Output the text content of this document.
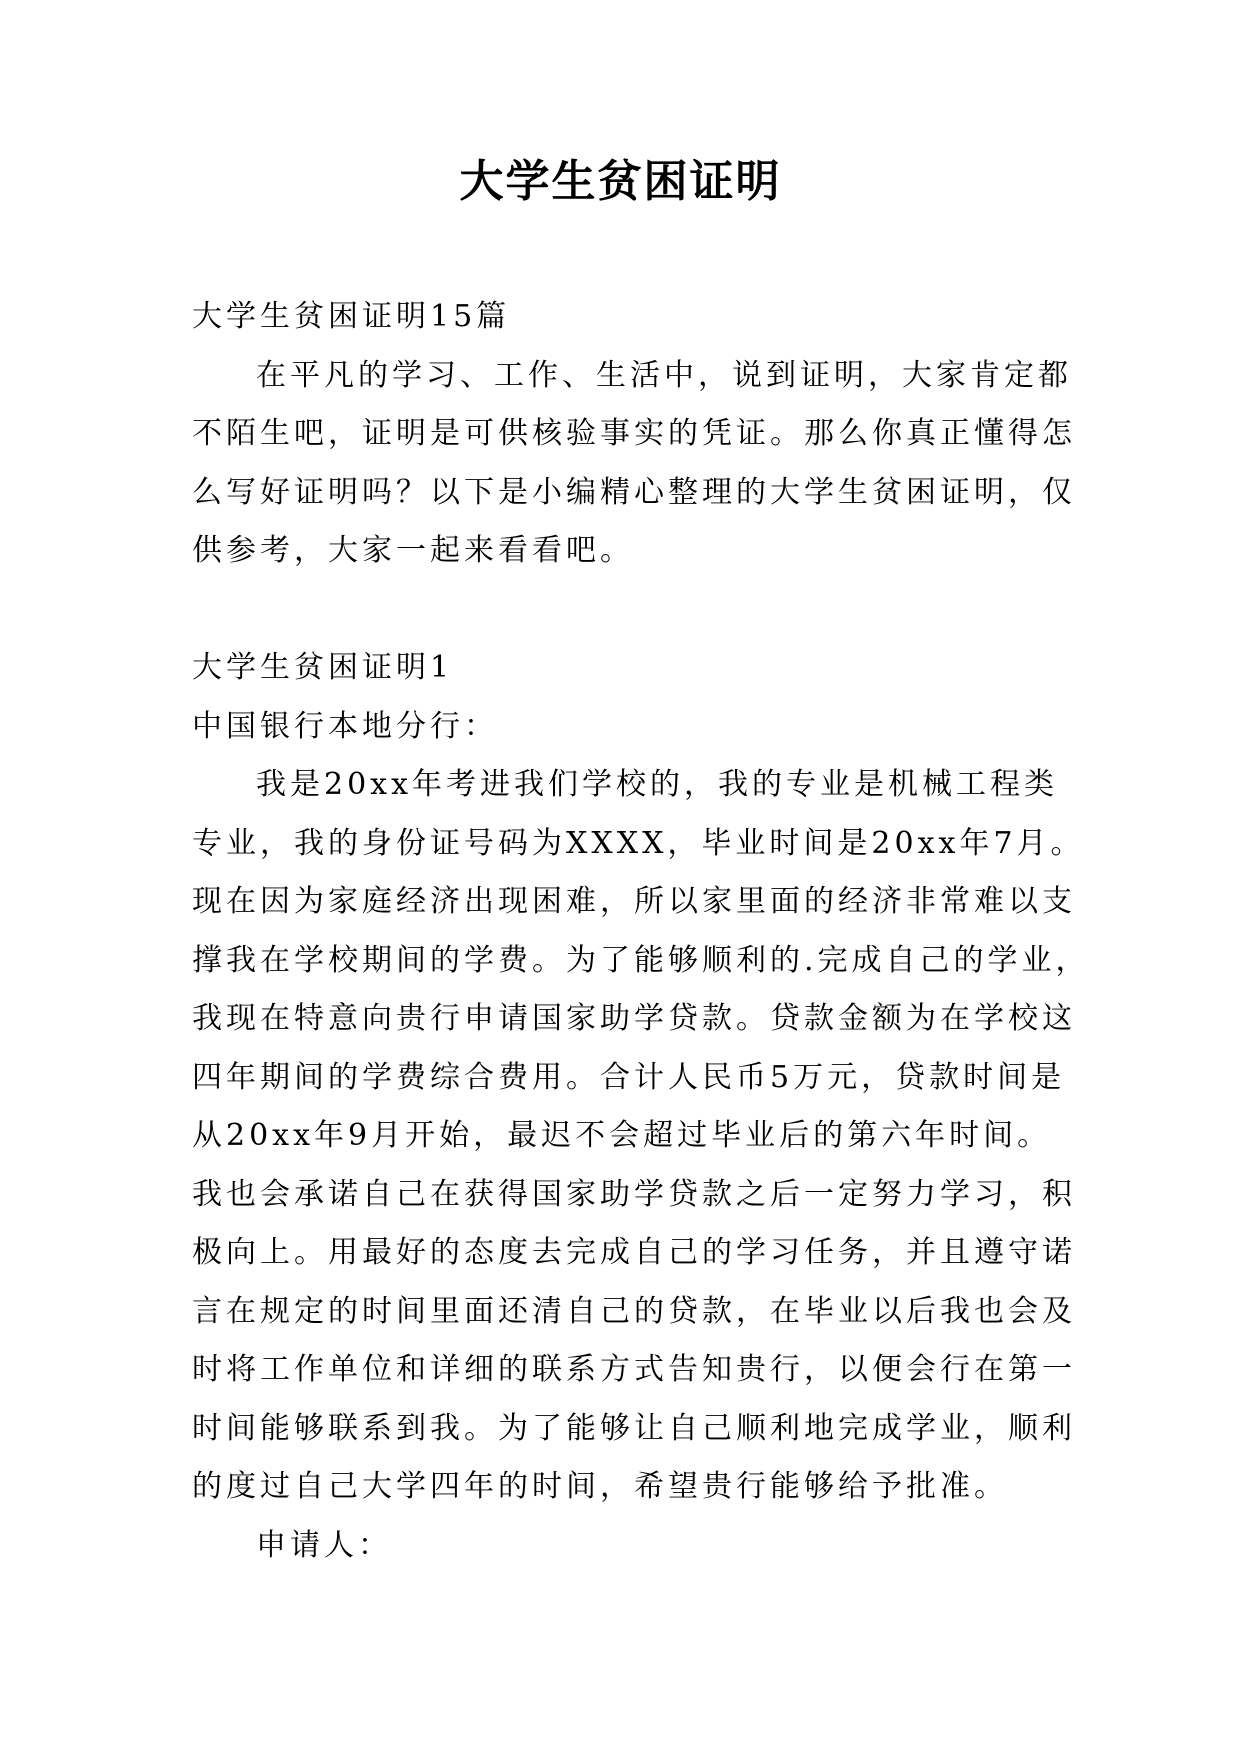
大学生贫困证明
大学生贫困证明15篇
在平凡的学习、工作、生活中，说到证明，大家肯定都
不陌生吧，证明是可供核验事实的凭证。那么你真正懂得怎
么写好证明吗？以下是小编精心整理的大学生贫困证明，仅
供参考，大家一起来看看吧。
大学生贫困证明1
中国银行本地分行：
我是20xx年考进我们学校的，我的专业是机械工程类
专业，我的身份证号码为XXXX，毕业时间是20xx年7月。
现在因为家庭经济出现困难，所以家里面的经济非常难以支
撑我在学校期间的学费。为了能够顺利的.完成自己的学业，
我现在特意向贵行申请国家助学贷款。贷款金额为在学校这
四年期间的学费综合费用。合计人民币5万元，贷款时间是
从20xx年9月开始，最迟不会超过毕业后的第六年时间。
我也会承诺自己在获得国家助学贷款之后一定努力学习，积
极向上。用最好的态度去完成自己的学习任务，并且遵守诺
言在规定的时间里面还清自己的贷款，在毕业以后我也会及
时将工作单位和详细的联系方式告知贵行，以便会行在第一
时间能够联系到我。为了能够让自己顺利地完成学业，顺利
的度过自己大学四年的时间，希望贵行能够给予批准。
申请人：
